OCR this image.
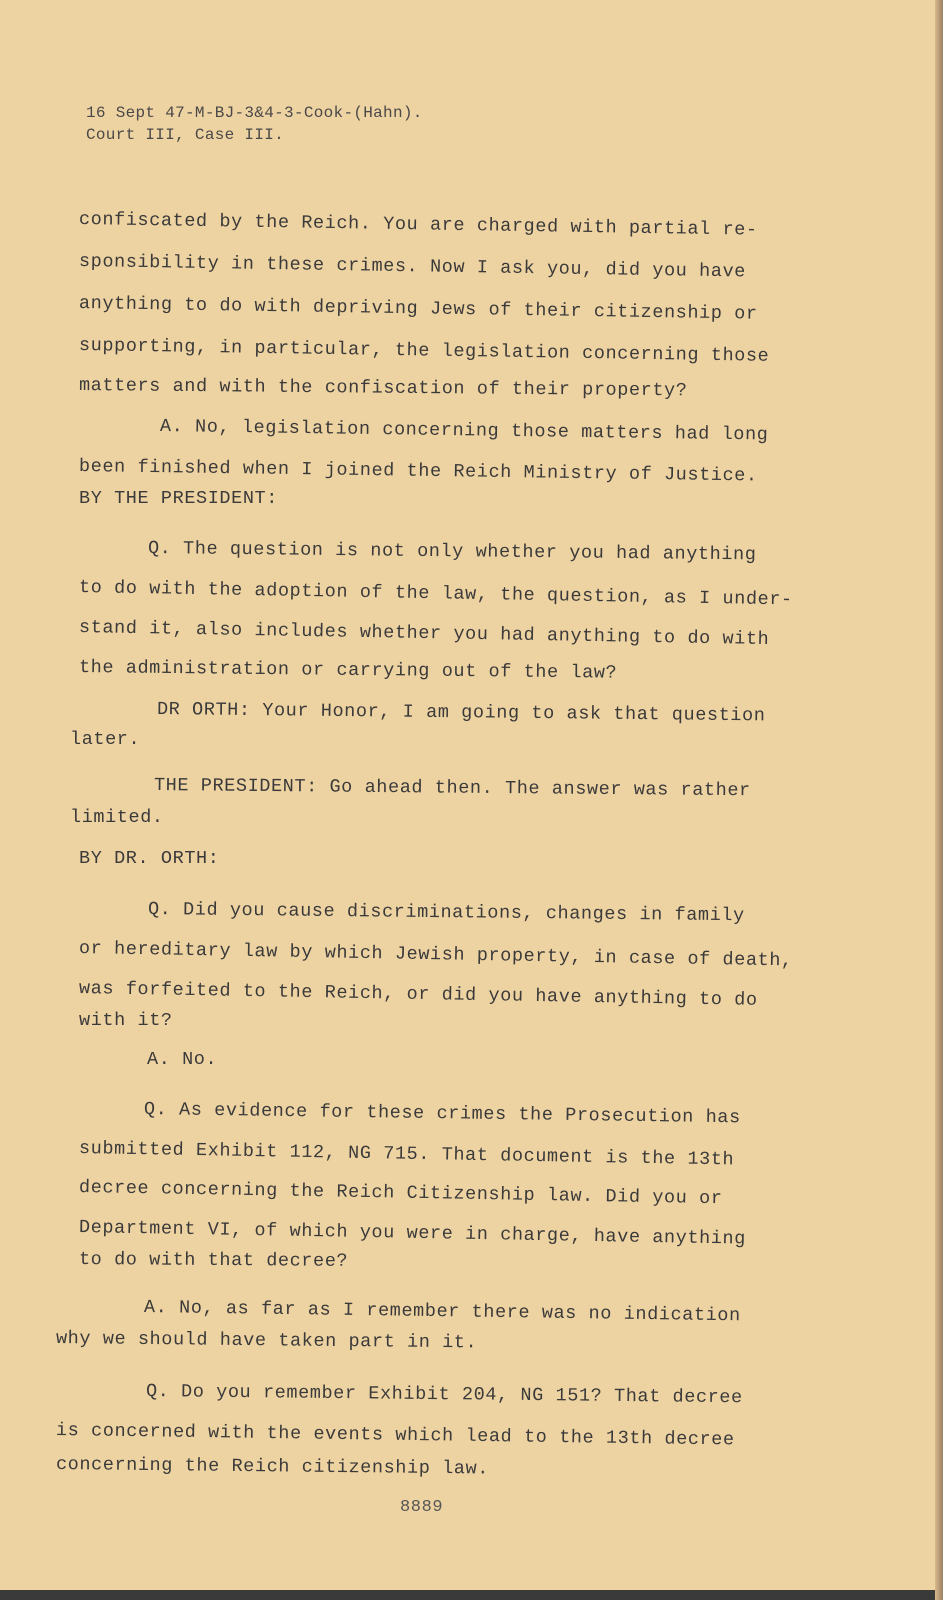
16 Sept 47-M-BJ-3&4-3-Cook-(Hahn).
Court III, Case III.
confiscated by the Reich. You are charged with partial re-
sponsibility in these crimes. Now I ask you, did you have
anything to do with depriving Jews of their citizenship or
supporting, in particular, the legislation concerning those
matters and with the confiscation of their property?
A. No, legislation concerning those matters had long
been finished when I joined the Reich Ministry of Justice.
BY THE PRESIDENT:
Q. The question is not only whether you had anything
to do with the adoption of the law, the question, as I under-
stand it, also includes whether you had anything to do with
the administration or carrying out of the law?
DR ORTH: Your Honor, I am going to ask that question
later.
THE PRESIDENT: Go ahead then. The answer was rather
limited.
BY DR. ORTH:
Q. Did you cause discriminations, changes in family
or hereditary law by which Jewish property, in case of death,
was forfeited to the Reich, or did you have anything to do
with it?
A. No.
Q. As evidence for these crimes the Prosecution has
submitted Exhibit 112, NG 715. That document is the 13th
decree concerning the Reich Citizenship law. Did you or
Department VI, of which you were in charge, have anything
to do with that decree?
A. No, as far as I remember there was no indication
why we should have taken part in it.
Q. Do you remember Exhibit 204, NG 151? That decree
is concerned with the events which lead to the 13th decree
concerning the Reich citizenship law.
8889
